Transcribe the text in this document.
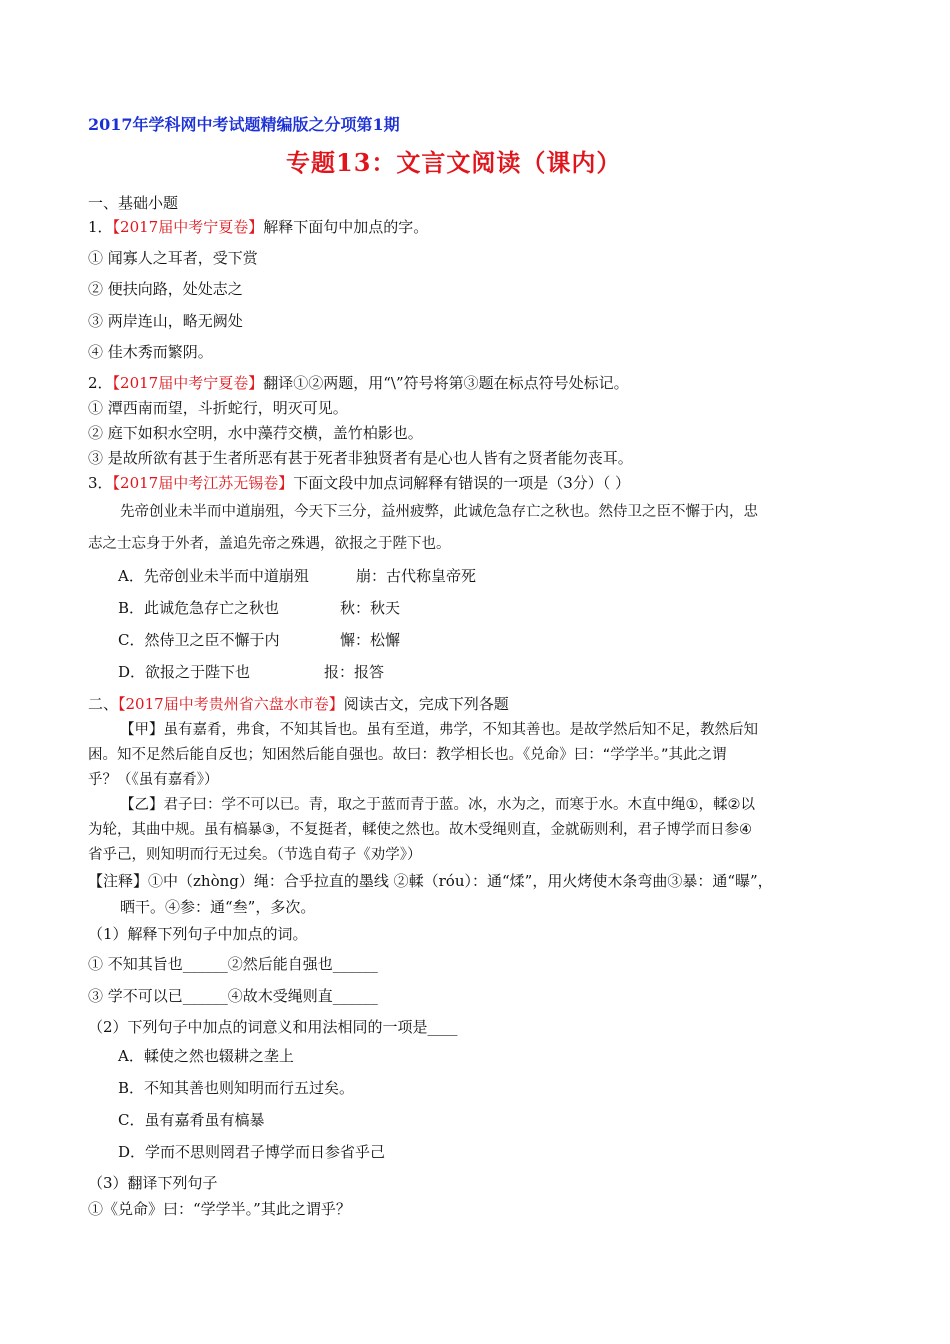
2017年学科网中考试题精编版之分项第1期
专题13：文言文阅读（课内）
一、基础小题
1．【2017届中考宁夏卷】解释下面句中加点的字。
① 闻寡人之耳者，受下赏
② 便扶向路，处处志之
③ 两岸连山，略无阙处
④ 佳木秀而繁阴。
2．【2017届中考宁夏卷】翻译①②两题，用“\”符号将第③题在标点符号处标记。
① 潭西南而望，斗折蛇行，明灭可见。
② 庭下如积水空明，水中藻荇交横，盖竹柏影也。
③ 是故所欲有甚于生者所恶有甚于死者非独贤者有是心也人皆有之贤者能勿丧耳。
3．【2017届中考江苏无锡卷】下面文段中加点词解释有错误的一项是（3分）（ ）
先帝创业未半而中道崩殂，今天下三分，益州疲弊，此诚危急存亡之秋也。然侍卫之臣不懈于内，忠
志之士忘身于外者，盖追先帝之殊遇，欲报之于陛下也。
A．先帝创业未半而中道崩殂	崩：古代称皇帝死
B．此诚危急存亡之秋也	秋：秋天
C．然侍卫之臣不懈于内	懈：松懈
D．欲报之于陛下也	报：报答
二、【2017届中考贵州省六盘水市卷】阅读古文，完成下列各题
【甲】虽有嘉肴，弗食，不知其旨也。虽有至道，弗学，不知其善也。是故学然后知不足，教然后知
困。知不足然后能自反也；知困然后能自强也。故曰：教学相长也。《兑命》曰：“学学半。”其此之谓
乎？（《虽有嘉肴》）
【乙】君子曰：学不可以已。青，取之于蓝而青于蓝。冰，水为之，而寒于水。木直中绳①，輮②以
为轮，其曲中规。虽有槁暴③，不复挺者，輮使之然也。故木受绳则直，金就砺则利，君子博学而日参④
省乎己，则知明而行无过矣。（节选自荀子《劝学》）
【注释】①中（zhòng）绳：合乎拉直的墨线 ②輮（róu）：通“煣”，用火烤使木条弯曲③暴：通“曝”，
晒干。④参：通“叁”，多次。
（1）解释下列句子中加点的词。
① 不知其旨也______②然后能自强也______
③ 学不可以已______④故木受绳则直______
（2）下列句子中加点的词意义和用法相同的一项是____
A．輮使之然也辍耕之垄上
B．不知其善也则知明而行五过矣。
C．虽有嘉肴虽有槁暴
D．学而不思则罔君子博学而日参省乎己
（3）翻译下列句子
①《兑命》曰：“学学半。”其此之谓乎？
